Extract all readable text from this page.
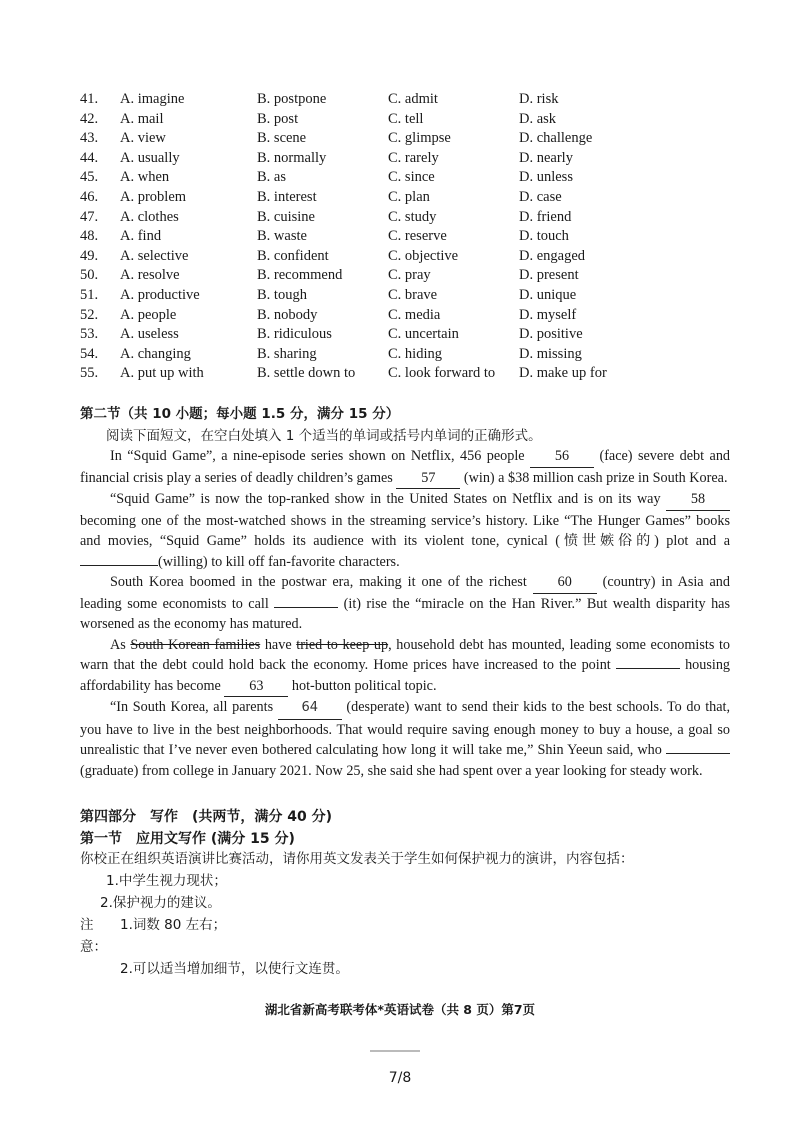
41.	A. imagine	B. postpone	C. admit	D. risk
42.	A. mail	B. post	C. tell	D. ask
43.	A. view	B. scene	C. glimpse	D. challenge
44.	A. usually	B. normally	C. rarely	D. nearly
45.	A. when	B. as	C. since	D. unless
46.	A. problem	B. interest	C. plan	D. case
47.	A. clothes	B. cuisine	C. study	D. friend
48.	A. find	B. waste	C. reserve	D. touch
49.	A. selective	B. confident	C. objective	D. engaged
50.	A. resolve	B. recommend	C. pray	D. present
51.	A. productive	B. tough	C. brave	D. unique
52.	A. people	B. nobody	C. media	D. myself
53.	A. useless	B. ridiculous	C. uncertain	D. positive
54.	A. changing	B. sharing	C. hiding	D. missing
55.	A. put up with	B. settle down to	C. look forward to	D. make up for
第二节（共 10 小题；每小题 1.5 分，满分 15 分）
阅读下面短文，在空白处填入 1 个适当的单词或括号内单词的正确形式。

In “Squid Game”, a nine-episode series shown on Netflix, 456 people 56 (face) severe debt and financial crisis play a series of deadly children’s games 57 (win) a $38 million cash prize in South Korea.

“Squid Game” is now the top-ranked show in the United States on Netflix and is on its way 58 becoming one of the most-watched shows in the streaming service’s history. Like “The Hunger Games” books and movies, “Squid Game” holds its audience with its violent tone, cynical (愤世嫉俗的) plot and a (willing) to kill off fan-favorite characters.

South Korea boomed in the postwar era, making it one of the richest 60 (country) in Asia and leading some economists to call	(it) rise the “miracle on the Han River.” But wealth disparity has worsened as the economy has matured.

As South Korean families have tried to keep up, household debt has mounted, leading some economists to warn that the debt could hold back the economy. Home prices have increased to the point	housing affordability has become 63 hot-button political topic.

“In South Korea, all parents 64 (desperate) want to send their kids to the best schools. To do that, you have to live in the best neighborhoods. That would require saving enough money to buy a house, a goal so unrealistic that I’ve never even bothered calculating how long it will take me,” Shin Yeeun said, who  (graduate) from college in January 2021. Now 25, she said she had spent over a year looking for steady work.

第四部分　写作　(共两节，满分 40 分)
第一节　应用文写作 (满分 15 分)
你校正在组织英语演讲比赛活动，请你用英文发表关于学生如何保护视力的演讲，内容包括：
1.中学生视力现状；
2.保护视力的建议。
注意：
1.词数 80 左右；
2.可以适当增加细节，以使行文连贯。
湖北省新高考联考体*英语试卷（共 8 页）第7页
7/8
